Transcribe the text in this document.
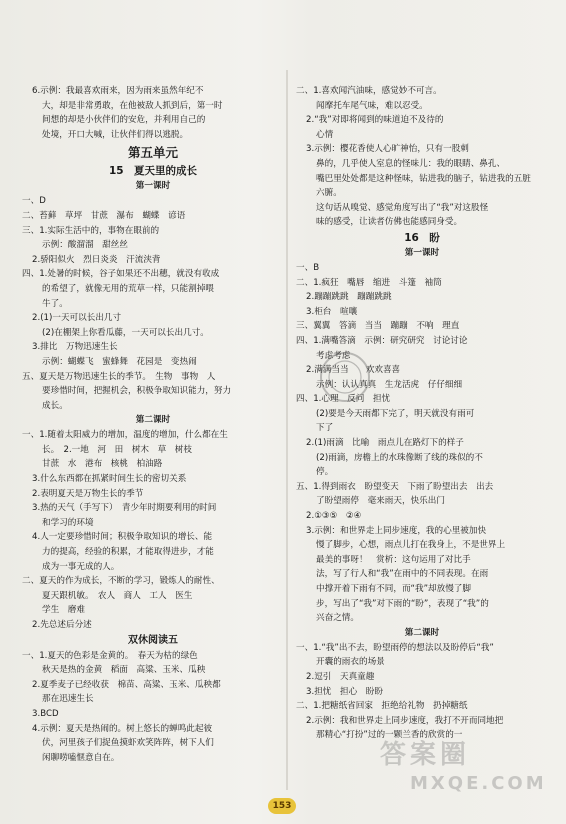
6.示例：我最喜欢雨来，因为雨来虽然年纪不
大，却是非常勇敢，在他被敌人抓到后，第一时
间想的却是小伙伴们的安危，并利用自己的
处境，开口大喊，让伙伴们得以逃脱。
第五单元
15　夏天里的成长
第一课时
一、D
二、苔藓　草坪　甘蔗　瀑布　蝴蝶　谚语
三、1.实际生活中的，事物在眼前的
示例：酸溜溜　甜丝丝
2.骄阳似火　烈日炎炎　汗流浃背
四、1.处暑的时候，谷子如果还不出穗，就没有收成
的希望了，就像无用的荒草一样，只能割掉喂
牛了。
2.(1)一天可以长出几寸
(2)在棚架上你看瓜藤，一天可以长出几寸。
3.排比　万物迅速生长
示例：蝴蝶飞　蜜蜂舞　花园是　变热闹
五、夏天是万物迅速生长的季节。　生物　事物　人
要珍惜时间，把握机会，积极争取知识能力，努力
成长。
第二课时
一、1.随着太阳威力的增加，温度的增加，什么都在生
长。　2.一地　河　田　树木　草　树枝
甘蔗　水　港布　核桃　柏油路
3.什么东西都在抓紧时间生长的密切关系
2.表明夏天是万物生长的季节
3.热的天气（手写下）　青少年时期要利用的时间
和学习的环境
4.人一定要珍惜时间；积极争取知识的增长、能
力的提高，经验的积累，才能取得进步，才能
成为一事无成的人。
二、夏天的作为成长，不断的学习，锻炼人的耐性、
夏天跟机敏。　农人　商人　工人　医生
学生　磨难
2.先总述后分述
双休阅读五
一、1.夏天的色彩是金黄的。　春天为枯的绿色
秋天是热的金黄　稻面　高粱、玉米、瓜秧
2.夏季麦子已经收获　棉苗、高粱、玉米、瓜秧都
那在迅速生长
3.BCD
4.示例：夏天是热闹的。树上悠长的蝉鸣此起彼
伏，河里孩子们捉鱼摸虾欢笑阵阵，树下人们
闲聊唠嗑惬意自在。
二、1.喜欢闻汽油味，感觉妙不可言。
闻摩托车尾气味，难以忍受。
2.“我”对即将闻到的味道迫不及待的
心情
3.示例：樱花香使人心旷神怡，只有一股刺
鼻的，几乎使人室息的怪味儿：我的眼睛、鼻孔、
嘴巴里处处都是这种怪味，钻进我的脑子，钻进我的五脏
六腑。
这句话从嗅觉、感觉角度写出了“我”对这股怪
味的感受，让读者仿佛也能感同身受。
16　盼
第一课时
一、B
二、1.疯狂　嘴唇　缩进　斗篷　袖筒
2.蹦蹦跳跳　蹦蹦跳跳
3.柜台　喧嚷
三、翼翼　答滴　当当　蹦蹦　不响　理直
四、1.满嘴答滴　示例：研究研究　讨论讨论
考虑考虑
2.满满当当　　欢欢喜喜
示例：认认真真　生龙活虎　仔仔细细
四、1.心理　反问　担忧
(2)要是今天雨都下完了，明天就没有雨可
下了
2.(1)雨滴　比喻　雨点儿在路灯下的样子
(2)雨滴，房檐上的水珠像断了线的珠似的不
停。
五、1.得到雨衣　盼望变天　下雨了盼望出去　出去
了盼望雨停　毫来雨天，快乐出门
2.①③⑤　②④
3.示例：和世界走上同步速度，我的心里被加快
慢了脚步，心想，雨点儿打在我身上，不是世界上
最美的事呀！　赏析：这句运用了对比手
法，写了行人和“我”在雨中的不同表现。在雨
中撑开着下雨有不同，而“我”却放慢了脚
步，写出了“我”对下雨的“盼”，表现了“我”的
兴奋之情。
第二课时
一、1.“我”出不去，盼望雨停的想法以及盼停后“我”
开囊的雨衣的场景
2.逗引　天真童趣
3.担忧　担心　盼盼
二、1.把糖纸省回家　拒绝给礼物　扔掉糖纸
2.示例：我和世界走上同步速度，我打不开而同地把
那精心“打扮”过的一颗兰香的欣赏的一
153
答案圈
MXQE.COM
